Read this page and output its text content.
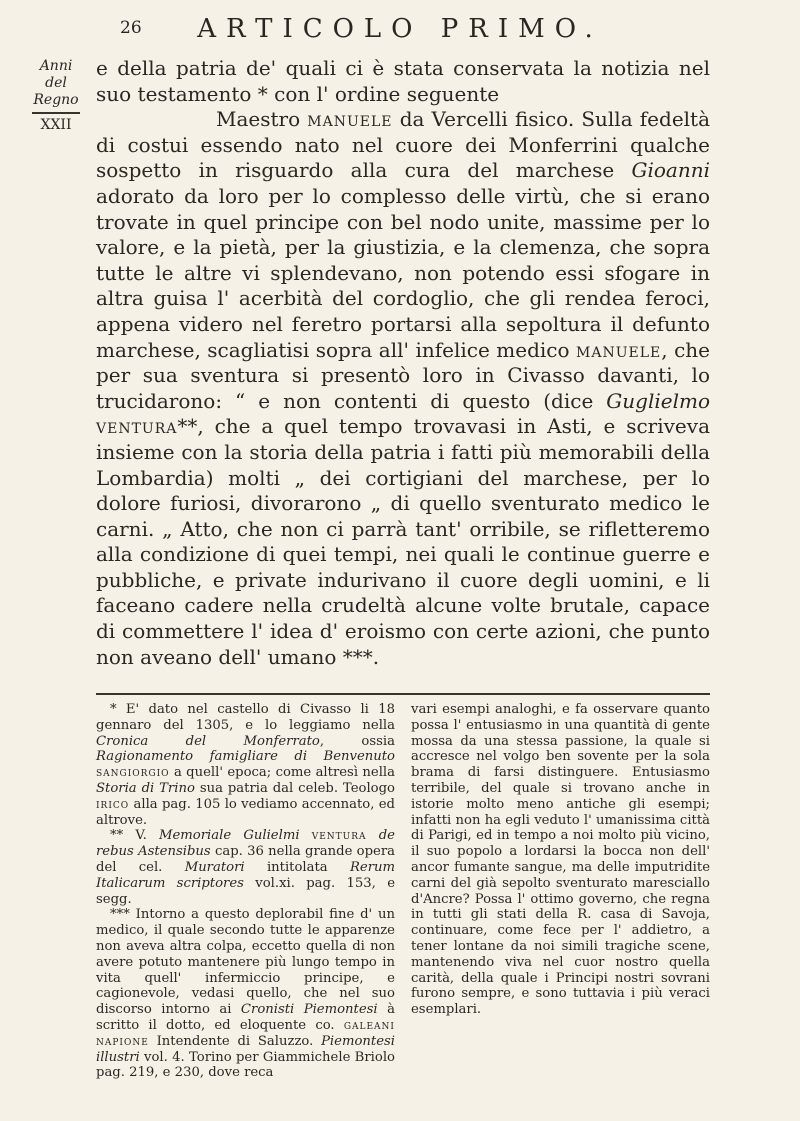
26	ARTICOLO PRIMO.
Anni
del Regno
XXII

e della patria de' quali ci è stata conservata la notizia nel suo testamento * con l' ordine seguente

Maestro manuele da Vercelli fisico. Sulla fedeltà di costui essendo nato nel cuore dei Monferrini qualche sospetto in risguardo alla cura del marchese Gioanni adorato da loro per lo complesso delle virtù, che si erano trovate in quel principe con bel nodo unite, massime per lo valore, e la pietà, per la giustizia, e la clemenza, che sopra tutte le altre vi splendevano, non potendo essi sfogare in altra guisa l' acerbità del cordoglio, che gli rendea feroci, appena videro nel feretro portarsi alla sepoltura il defunto marchese, scagliatisi sopra all' infelice medico manuele, che per sua sventura si presentò loro in Civasso davanti, lo trucidarono: “ e non contenti di questo (dice Guglielmo ventura**, che a quel tempo trovavasi in Asti, e scriveva insieme con la storia della patria i fatti più memorabili della Lombardia) molti „ dei cortigiani del marchese, per lo dolore furiosi, divorarono „ di quello sventurato medico le carni. „ Atto, che non ci parrà tant' orribile, se rifletteremo alla condizione di quei tempi, nei quali le continue guerre e pubbliche, e private indurivano il cuore degli uomini, e li faceano cadere nella crudeltà alcune volte brutale, capace di commettere l' idea d' eroismo con certe azioni, che punto non aveano dell' umano ***.

* E' dato nel castello di Civasso li 18 gennaro del 1305, e lo leggiamo nella Cronica del Monferrato, ossia Ragionamento famigliare di Benvenuto sangiorgio a quell' epoca; come altresì nella Storia di Trino sua patria dal celeb. Teologo irico alla pag. 105 lo vediamo accennato, ed altrove.

** V. Memoriale Gulielmi ventura de rebus Astensibus cap. 36 nella grande opera del cel. Muratori intitolata Rerum Italicarum scriptores vol.xi. pag. 153, e segg.

*** Intorno a questo deplorabil fine d' un medico, il quale secondo tutte le apparenze non aveva altra colpa, eccetto quella di non avere potuto mantenere più lungo tempo in vita quell' infermiccio principe, e cagionevole, vedasi quello, che nel suo discorso intorno ai Cronisti Piemontesi à scritto il dotto, ed eloquente co. galeani napione Intendente di Saluzzo. Piemontesi illustri vol. 4. Torino per Giammichele Briolo pag. 219, e 230, dove reca

vari esempi analoghi, e fa osservare quanto possa l' entusiasmo in una quantità di gente mossa da una stessa passione, la quale si accresce nel volgo ben sovente per la sola brama di farsi distinguere. Entusiasmo terribile, del quale si trovano anche in istorie molto meno antiche gli esempi; infatti non ha egli veduto l' umanissima città di Parigi, ed in tempo a noi molto più vicino, il suo popolo a lordarsi la bocca non dell' ancor fumante sangue, ma delle imputridite carni del già sepolto sventurato maresciallo d'Ancre? Possa l' ottimo governo, che regna in tutti gli stati della R. casa di Savoja, continuare, come fece per l' addietro, a tener lontane da noi simili tragiche scene, mantenendo viva nel cuor nostro quella carità, della quale i Principi nostri sovrani furono sempre, e sono tuttavia i più veraci esemplari.
